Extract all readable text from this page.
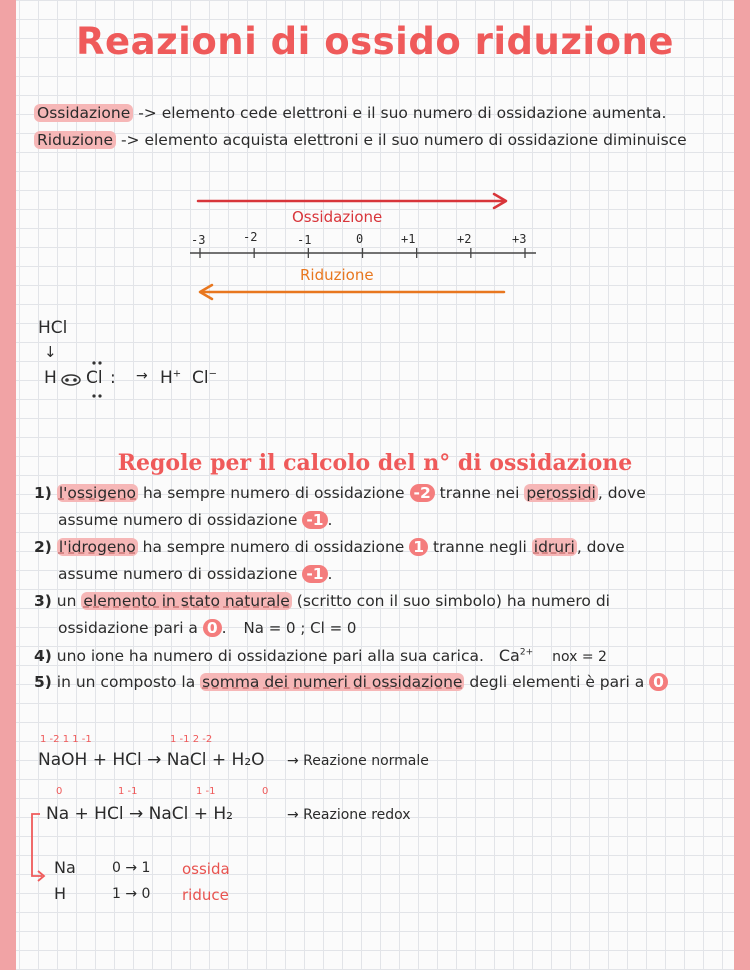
Reazioni di ossido riduzione
Ossidazione -> elemento cede elettroni e il suo numero di ossidazione aumenta.
Riduzione -> elemento acquista elettroni e il suo numero di ossidazione diminuisce
Ossidazione
Riduzione
-3	-2	-1	0	+1	+2	+3
HCl
↓
H Cl : → H+ Cl−
Regole per il calcolo del n° di ossidazione
1) l'ossigeno ha sempre numero di ossidazione -2 tranne nei perossidi , dove
assume numero di ossidazione -1 .
2) l'idrogeno ha sempre numero di ossidazione 1 tranne negli idruri , dove
assume numero di ossidazione -1 .
3) un elemento in stato naturale (scritto con il suo simbolo) ha numero di
ossidazione pari a 0 . Na = 0 ; Cl = 0
4) uno ione ha numero di ossidazione pari alla sua carica. $Ca^{2+}$ nox = 2
5) in un composto la somma dei numeri di ossidazione degli elementi è pari a 0
1 -2 1 1 -1	1 -1 2 -2
NaOH + HCl → NaCl + H₂O → Reazione normale
0	1 -1	1 -1	0
Na + HCl → NaCl + H₂	→ Reazione redox
Na	0 → 1 ossida
H	1 → 0 riduce
